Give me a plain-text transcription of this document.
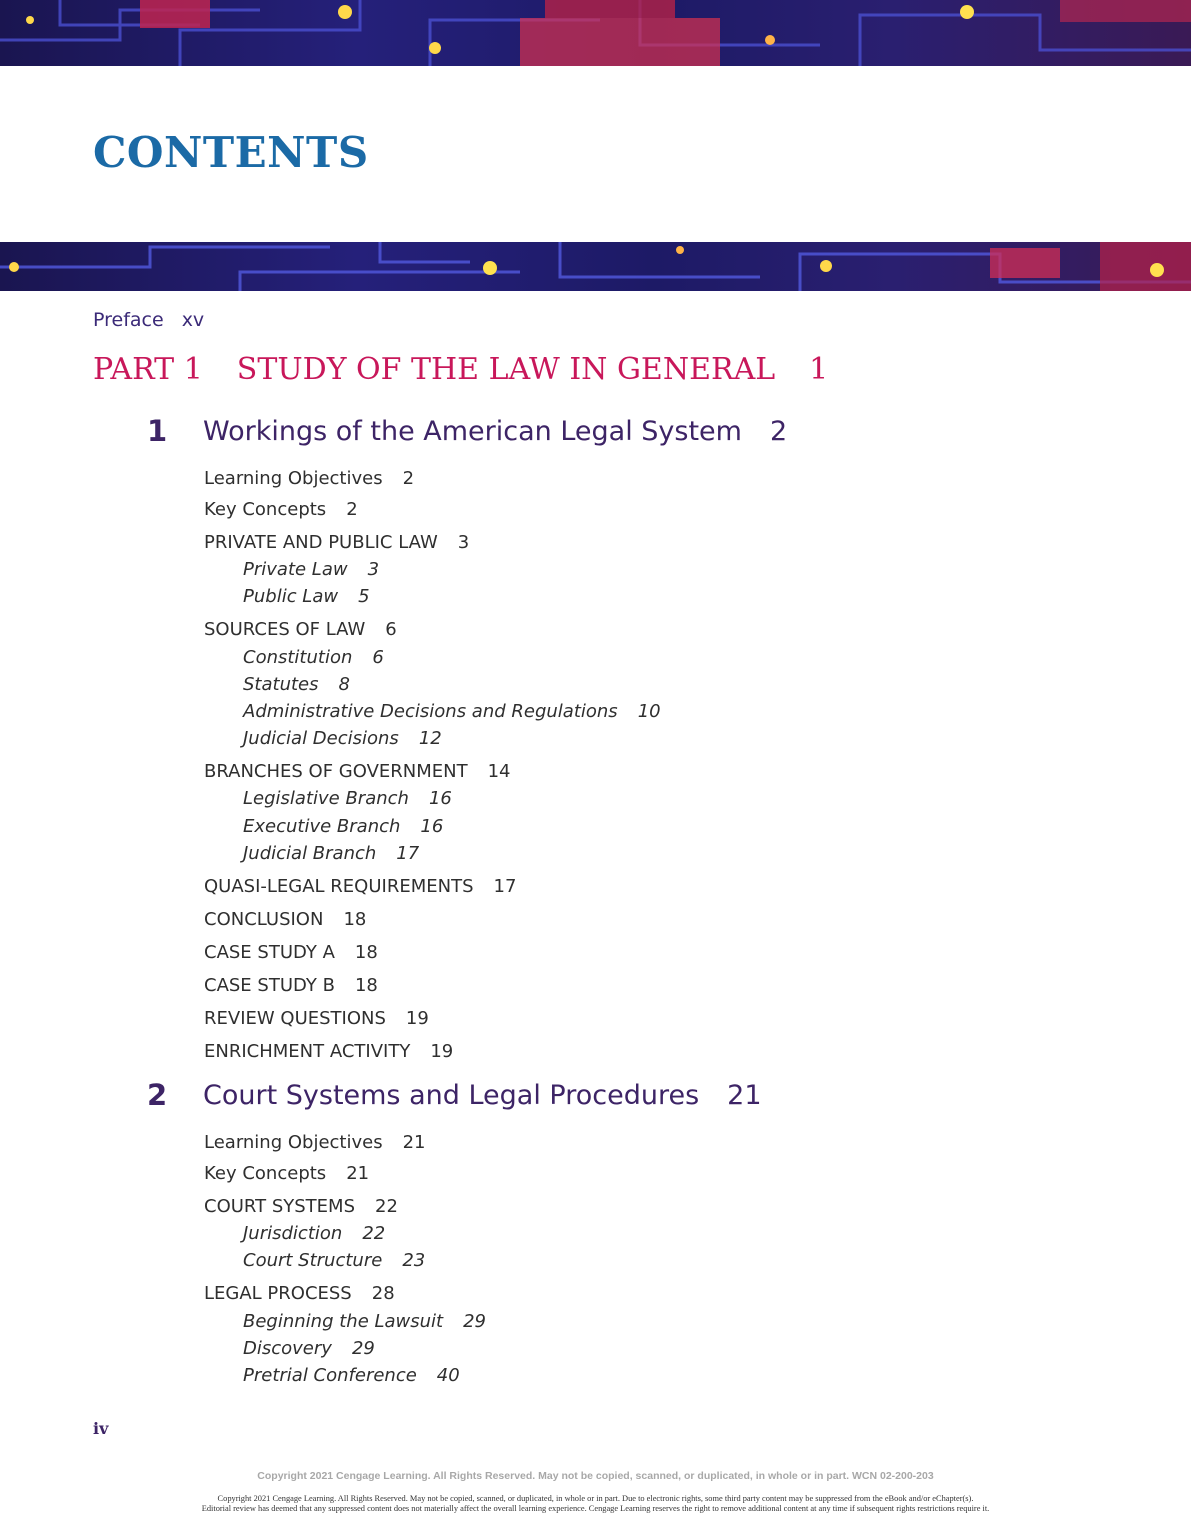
CONTENTS
Preface xv
PART 1 STUDY OF THE LAW IN GENERAL 1
1 Workings of the American Legal System 2
Learning Objectives 2
Key Concepts 2
PRIVATE AND PUBLIC LAW 3
Private Law 3
Public Law 5
SOURCES OF LAW 6
Constitution 6
Statutes 8
Administrative Decisions and Regulations 10
Judicial Decisions 12
BRANCHES OF GOVERNMENT 14
Legislative Branch 16
Executive Branch 16
Judicial Branch 17
QUASI-LEGAL REQUIREMENTS 17
CONCLUSION 18
CASE STUDY A 18
CASE STUDY B 18
REVIEW QUESTIONS 19
ENRICHMENT ACTIVITY 19
2 Court Systems and Legal Procedures 21
Learning Objectives 21
Key Concepts 21
COURT SYSTEMS 22
Jurisdiction 22
Court Structure 23
LEGAL PROCESS 28
Beginning the Lawsuit 29
Discovery 29
Pretrial Conference 40
iv
Copyright 2021 Cengage Learning. All Rights Reserved. May not be copied, scanned, or duplicated, in whole or in part. WCN 02-200-203
Copyright 2021 Cengage Learning. All Rights Reserved. May not be copied, scanned, or duplicated, in whole or in part. Due to electronic rights, some third party content may be suppressed from the eBook and/or eChapter(s).
Editorial review has deemed that any suppressed content does not materially affect the overall learning experience. Cengage Learning reserves the right to remove additional content at any time if subsequent rights restrictions require it.
